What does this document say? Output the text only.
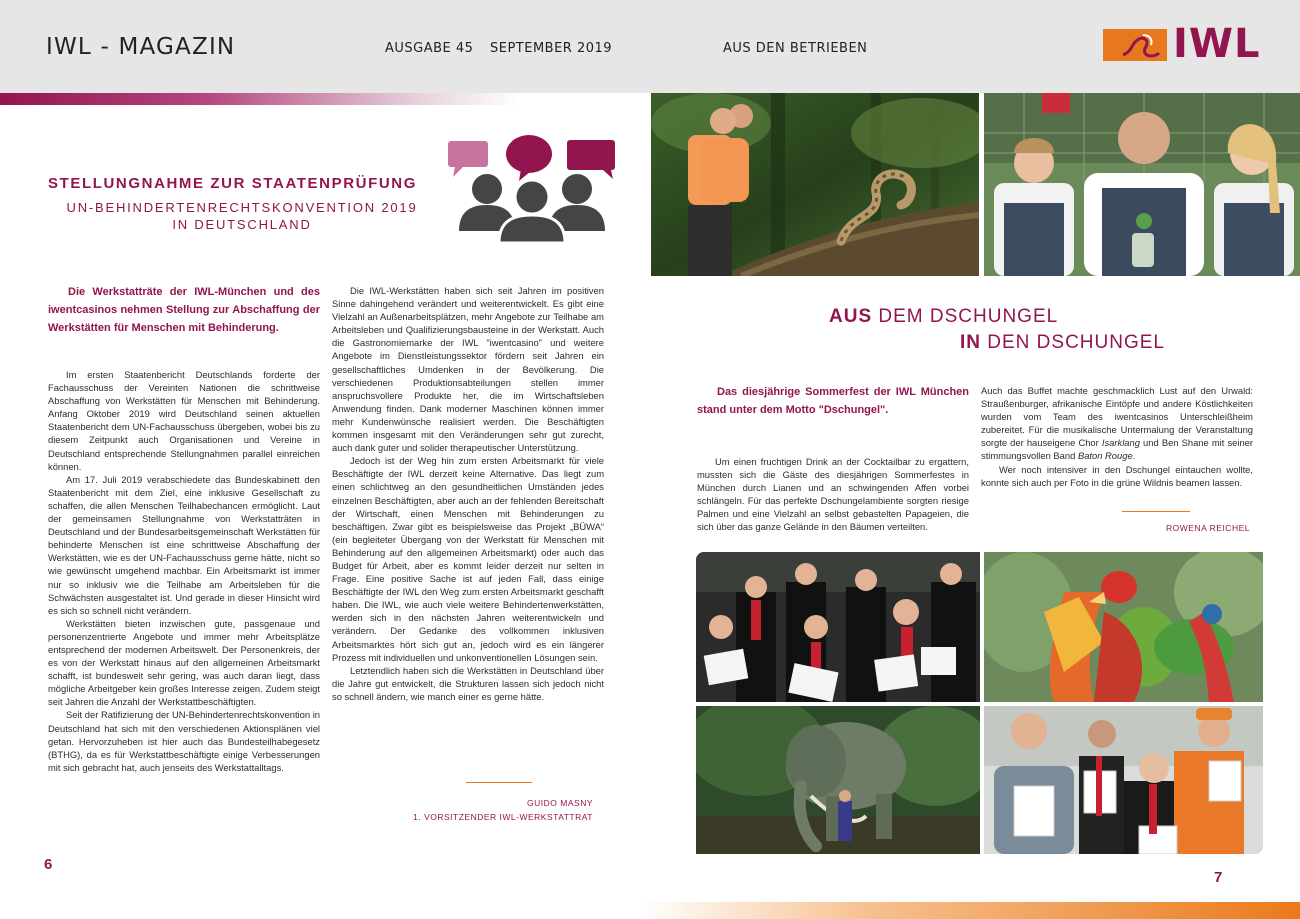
IWL - MAGAZIN	AUSGABE 45 SEPTEMBER 2019	AUS DEN BETRIEBEN	IWL
STELLUNGNAHME ZUR STAATENPRÜFUNG
UN-BEHINDERTENRECHTSKONVENTION 2019
IN DEUTSCHLAND

Die Werkstatträte der IWL-München und des iwentcasinos nehmen Stellung zur Abschaffung der Werkstätten für Menschen mit Behinderung.

Im ersten Staatenbericht Deutschlands forderte der Fachausschuss der Vereinten Nationen die schrittweise Abschaffung von Werkstätten für Menschen mit Behinderung. Anfang Oktober 2019 wird Deutschland seinen aktuellen Staatenbericht dem UN-Fachausschuss übergeben, wobei bis zu diesem Zeitpunkt auch Organisationen und Vereine in Deutschland entsprechende Stellungnahmen parallel einreichen können.

Am 17. Juli 2019 verabschiedete das Bundeskabinett den Staatenbericht mit dem Ziel, eine inklusive Gesellschaft zu schaffen, die allen Menschen Teilhabechancen ermöglicht. Laut der gemeinsamen Stellungnahme von Werkstatträten in Deutschland und der Bundesarbeitsgemeinschaft Werkstätten für behinderte Menschen ist eine schrittweise Abschaffung der Werkstätten, wie es der UN-Fachausschuss gerne hätte, nicht so wie gewünscht umgehend machbar. Ein Arbeitsmarkt ist immer nur so inklusiv wie die Teilhabe am Arbeitsleben für die Schwächsten ausgestaltet ist. Und gerade in dieser Hinsicht wird es sich so schnell nicht verändern.

Werkstätten bieten inzwischen gute, passgenaue und personenzentrierte Angebote und immer mehr Arbeitsplätze entsprechend der modernen Arbeitswelt. Der Personenkreis, der es von der Werkstatt hinaus auf den allgemeinen Arbeitsmarkt schafft, ist bundesweit sehr gering, was auch daran liegt, dass mögliche Arbeitgeber kein großes Interesse zeigen. Zudem steigt seit Jahren die Anzahl der Werkstattbeschäftigten.

Seit der Ratifizierung der UN-Behindertenrechtskonvention in Deutschland hat sich mit den verschiedenen Aktionsplänen viel getan. Hervorzuheben ist hier auch das Bundesteilhabegesetz (BTHG), da es für Werkstattbeschäftigte einige Verbesserungen mit sich gebracht hat, auch jenseits des Werkstattalltags.

Die IWL-Werkstätten haben sich seit Jahren im positiven Sinne dahingehend verändert und weiterentwickelt. Es gibt eine Vielzahl an Außenarbeitsplätzen, mehr Angebote zur Teilhabe am Arbeitsleben und Qualifizierungsbausteine in der Werkstatt. Auch die Gastronomiemarke der IWL "iwentcasino" und weitere Angebote im Dienstleistungssektor fördern seit Jahren ein gesellschaftliches Umdenken in der Bevölkerung. Die verschiedenen Produktionsabteilungen stellen immer anspruchsvollere Produkte her, die im Wirtschaftsleben Anwendung finden. Dank moderner Maschinen können immer mehr Kundenwünsche realisiert werden. Die Beschäftigten kommen insgesamt mit den Veränderungen sehr gut zurecht, auch dank guter und solider therapeutischer Unterstützung.

Jedoch ist der Weg hin zum ersten Arbeitsmarkt für viele Beschäftigte der IWL derzeit keine Alternative. Das liegt zum einen schlichtweg an den gesundheitlichen Umständen jedes einzelnen Beschäftigten, aber auch an der fehlenden Bereitschaft der Wirtschaft, einen Menschen mit Behinderungen zu beschäftigen. Zwar gibt es beispielsweise das Projekt „BÜWA“ (ein begleiteter Übergang von der Werkstatt für Menschen mit Behinderung auf den allgemeinen Arbeitsmarkt) oder auch das Budget für Arbeit, aber es kommt leider derzeit nur selten in Frage. Eine positive Sache ist auf jeden Fall, dass einige Beschäftigte der IWL den Weg zum ersten Arbeitsmarkt geschafft haben. Die IWL, wie auch viele weitere Behindertenwerkstätten, werden sich in den nächsten Jahren weiterentwickeln und verändern. Der Gedanke des vollkommen inklusiven Arbeitsmarktes hört sich gut an, jedoch wird es ein längerer Prozess mit individuellen und unkonventionellen Lösungen sein.

Letztendlich haben sich die Werkstätten in Deutschland über die Jahre gut entwickelt, die Strukturen lassen sich jedoch nicht so schnell ändern, wie manch einer es gerne hätte.

GUIDO MASNY
1. VORSITZENDER IWL-WERKSTATTRAT
6
AUS DEM DSCHUNGEL
IN DEN DSCHUNGEL

Das diesjährige Sommerfest der IWL München stand unter dem Motto "Dschungel".

Um einen fruchtigen Drink an der Cocktailbar zu ergattern, mussten sich die Gäste des diesjährigen Sommerfestes in München durch Lianen und an schwingenden Affen vorbei schlängeln. Für das perfekte Dschungelambiente sorgten riesige Palmen und eine Vielzahl an selbst gebastelten Papageien, die sich über das ganze Gelände in den Bäumen verteilten.

Auch das Buffet machte geschmacklich Lust auf den Urwald: Straußenburger, afrikanische Eintöpfe und andere Köstlichkeiten wurden vom Team des iwentcasinos Unterschleißheim zubereitet. Für die musikalische Untermalung der Veranstaltung sorgte der hauseigene Chor Isarklang und Ben Shane mit seiner stimmungsvollen Band Baton Rouge.

Wer noch intensiver in den Dschungel eintauchen wollte, konnte sich auch per Foto in die grüne Wildnis beamen lassen.

ROWENA REICHEL
7
